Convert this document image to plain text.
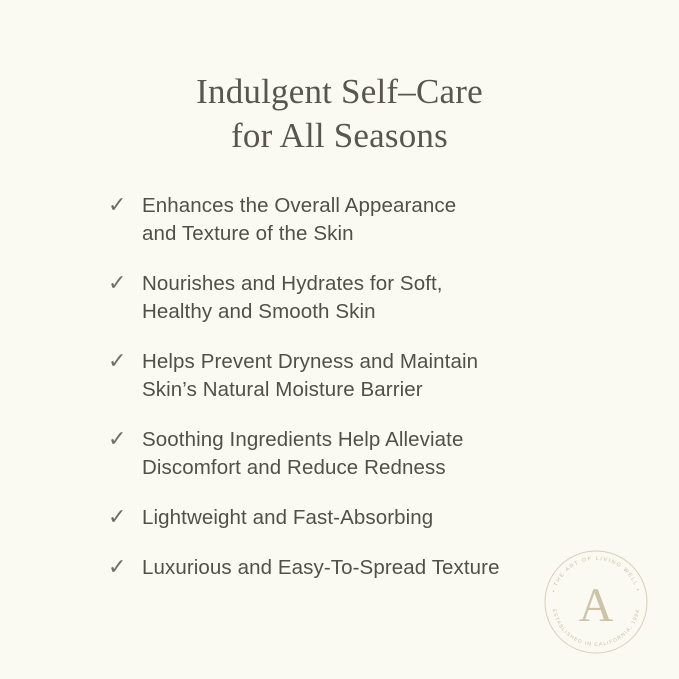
Indulgent Self–Care
for All Seasons
✓ Enhances the Overall Appearance
and Texture of the Skin
✓ Nourishes and Hydrates for Soft,
Healthy and Smooth Skin
✓ Helps Prevent Dryness and Maintain
Skin’s Natural Moisture Barrier
✓ Soothing Ingredients Help Alleviate
Discomfort and Reduce Redness
✓ Lightweight and Fast-Absorbing
✓ Luxurious and Easy-To-Spread Texture
• THE ART OF LIVING WELL •
ESTABLISHED IN CALIFORNIA, 1994
A
